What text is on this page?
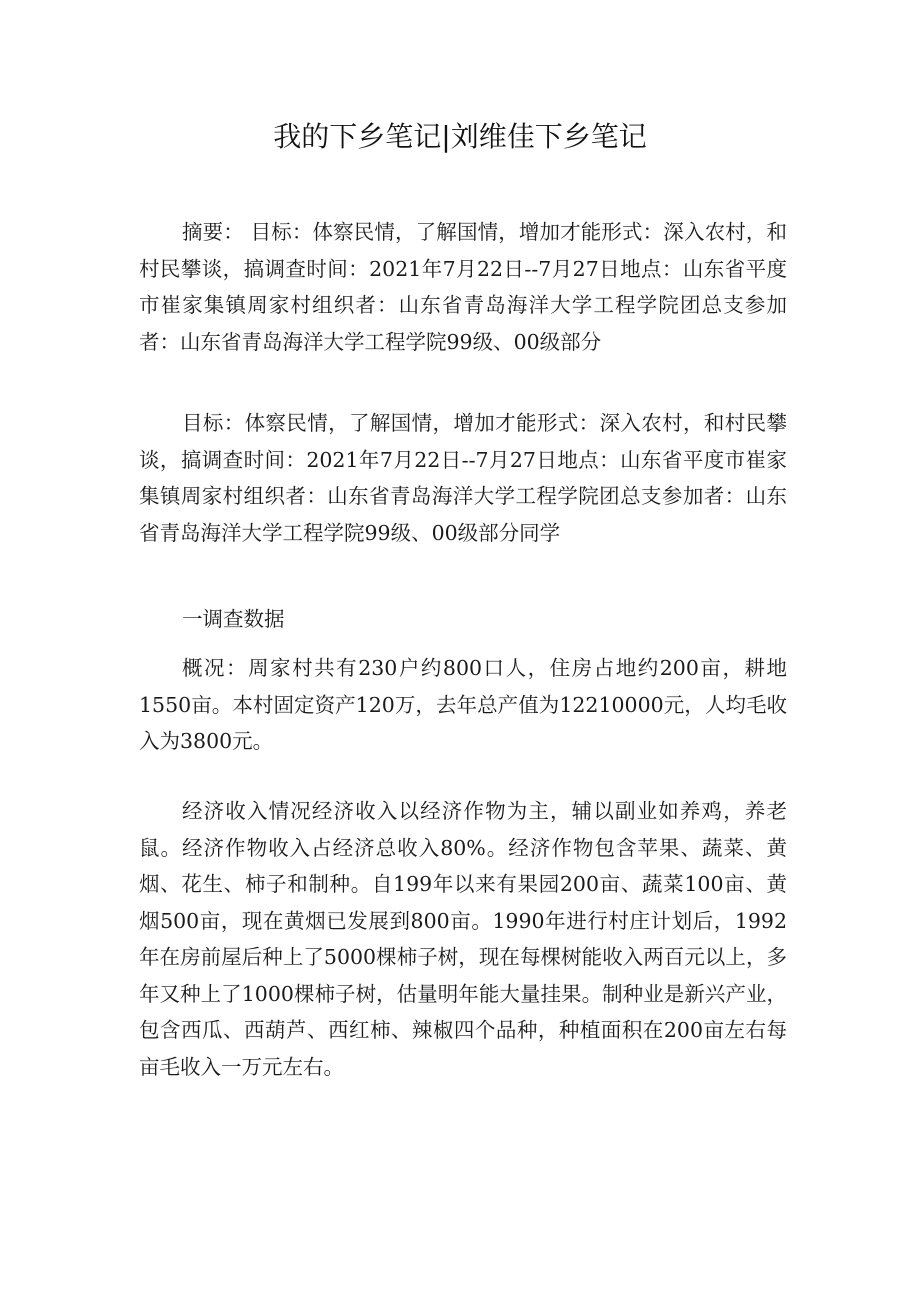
我的下乡笔记|刘维佳下乡笔记

摘要： 目标：体察民情，了解国情，增加才能形式：深入农村，和村民攀谈，搞调查时间：2021年7月22日--7月27日地点：山东省平度市崔家集镇周家村组织者：山东省青岛海洋大学工程学院团总支参加者：山东省青岛海洋大学工程学院99级、00级部分

目标：体察民情，了解国情，增加才能形式：深入农村，和村民攀谈，搞调查时间：2021年7月22日--7月27日地点：山东省平度市崔家集镇周家村组织者：山东省青岛海洋大学工程学院团总支参加者：山东省青岛海洋大学工程学院99级、00级部分同学

一调查数据

概况：周家村共有230户约800口人，住房占地约200亩，耕地1550亩。本村固定资产120万，去年总产值为12210000元，人均毛收入为3800元。

经济收入情况经济收入以经济作物为主，辅以副业如养鸡，养老鼠。经济作物收入占经济总收入80%。经济作物包含苹果、蔬菜、黄烟、花生、柿子和制种。自199年以来有果园200亩、蔬菜100亩、黄烟500亩，现在黄烟已发展到800亩。1990年进行村庄计划后，1992年在房前屋后种上了5000棵柿子树，现在每棵树能收入两百元以上，多年又种上了1000棵柿子树，估量明年能大量挂果。制种业是新兴产业，包含西瓜、西葫芦、西红柿、辣椒四个品种，种植面积在200亩左右每亩毛收入一万元左右。
